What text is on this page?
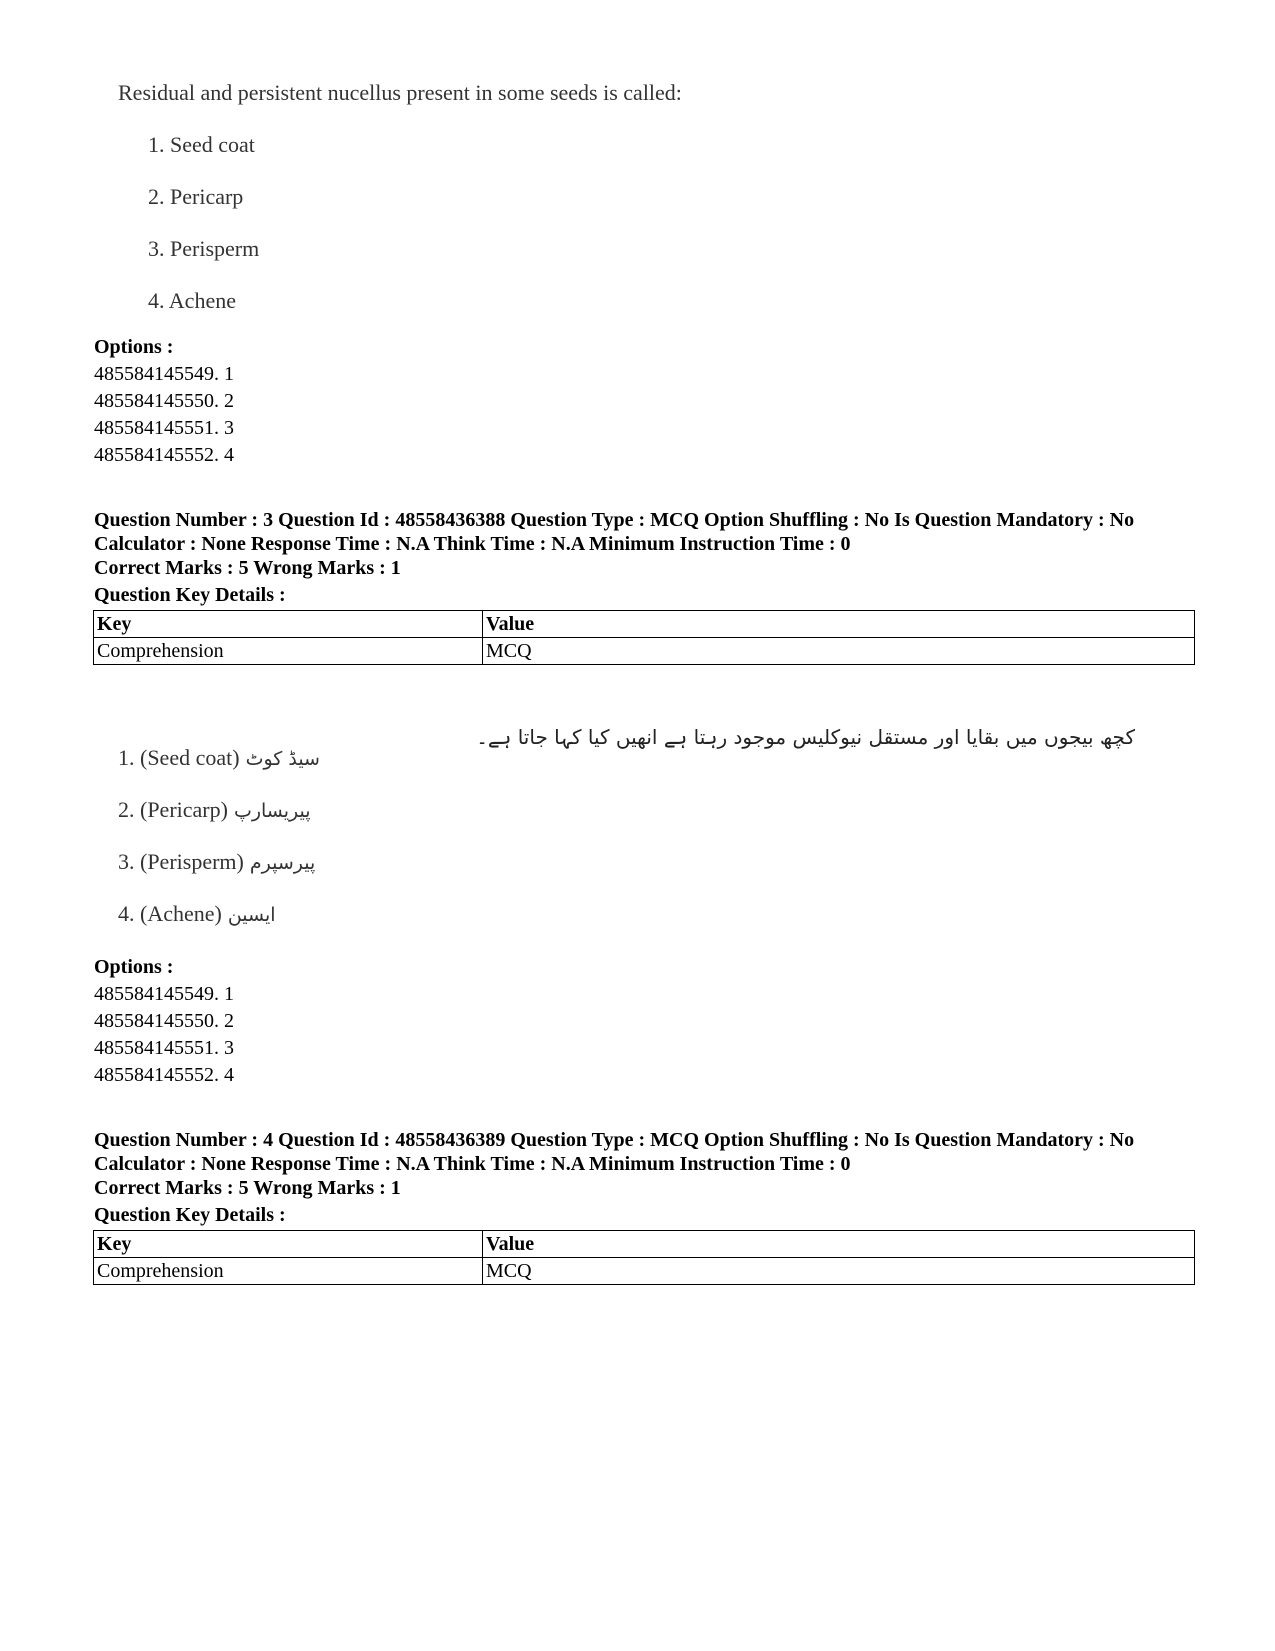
Residual and persistent nucellus present in some seeds is called:
1. Seed coat
2. Pericarp
3. Perisperm
4. Achene
Options :
485584145549. 1
485584145550. 2
485584145551. 3
485584145552. 4
Question Number : 3 Question Id : 48558436388 Question Type : MCQ Option Shuffling : No Is Question Mandatory : No
Calculator : None Response Time : N.A Think Time : N.A Minimum Instruction Time : 0
Correct Marks : 5 Wrong Marks : 1
Question Key Details :
Key	Value
Comprehension	MCQ
کچھ بیجوں میں بقایا اور مستقل نیوکلیس موجود رہتا ہے انھیں کیا کہا جاتا ہے۔
1. (Seed coat) سیڈ کوٹ
2. (Pericarp) پیریسارپ
3. (Perisperm) پیرسپرم
4. (Achene) ایسین
Options :
485584145549. 1
485584145550. 2
485584145551. 3
485584145552. 4
Question Number : 4 Question Id : 48558436389 Question Type : MCQ Option Shuffling : No Is Question Mandatory : No
Calculator : None Response Time : N.A Think Time : N.A Minimum Instruction Time : 0
Correct Marks : 5 Wrong Marks : 1
Question Key Details :
Key	Value
Comprehension	MCQ
